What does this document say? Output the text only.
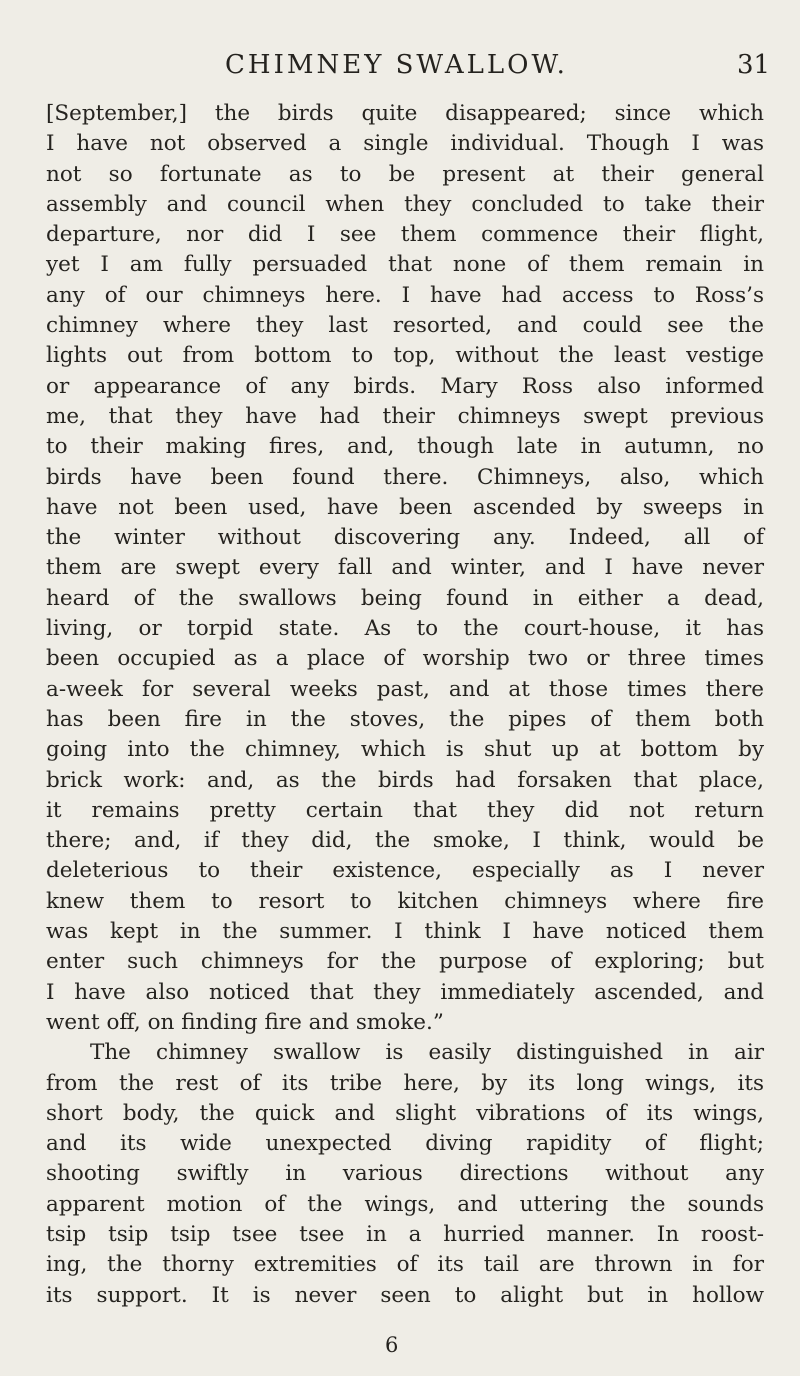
CHIMNEY SWALLOW.	31
[September,] the birds quite disappeared; since which
I have not observed a single individual. Though I was
not so fortunate as to be present at their general
assembly and council when they concluded to take their
departure, nor did I see them commence their flight,
yet I am fully persuaded that none of them remain in
any of our chimneys here. I have had access to Ross’s
chimney where they last resorted, and could see the
lights out from bottom to top, without the least vestige
or appearance of any birds. Mary Ross also informed
me, that they have had their chimneys swept previous
to their making fires, and, though late in autumn, no
birds have been found there. Chimneys, also, which
have not been used, have been ascended by sweeps in
the winter without discovering any. Indeed, all of
them are swept every fall and winter, and I have never
heard of the swallows being found in either a dead,
living, or torpid state. As to the court-house, it has
been occupied as a place of worship two or three times
a-week for several weeks past, and at those times there
has been fire in the stoves, the pipes of them both
going into the chimney, which is shut up at bottom by
brick work: and, as the birds had forsaken that place,
it remains pretty certain that they did not return
there; and, if they did, the smoke, I think, would be
deleterious to their existence, especially as I never
knew them to resort to kitchen chimneys where fire
was kept in the summer. I think I have noticed them
enter such chimneys for the purpose of exploring; but
I have also noticed that they immediately ascended, and
went off, on finding fire and smoke.”
The chimney swallow is easily distinguished in air
from the rest of its tribe here, by its long wings, its
short body, the quick and slight vibrations of its wings,
and its wide unexpected diving rapidity of flight;
shooting swiftly in various directions without any
apparent motion of the wings, and uttering the sounds
tsip tsip tsip tsee tsee in a hurried manner. In roost-
ing, the thorny extremities of its tail are thrown in for
its support. It is never seen to alight but in hollow
6
